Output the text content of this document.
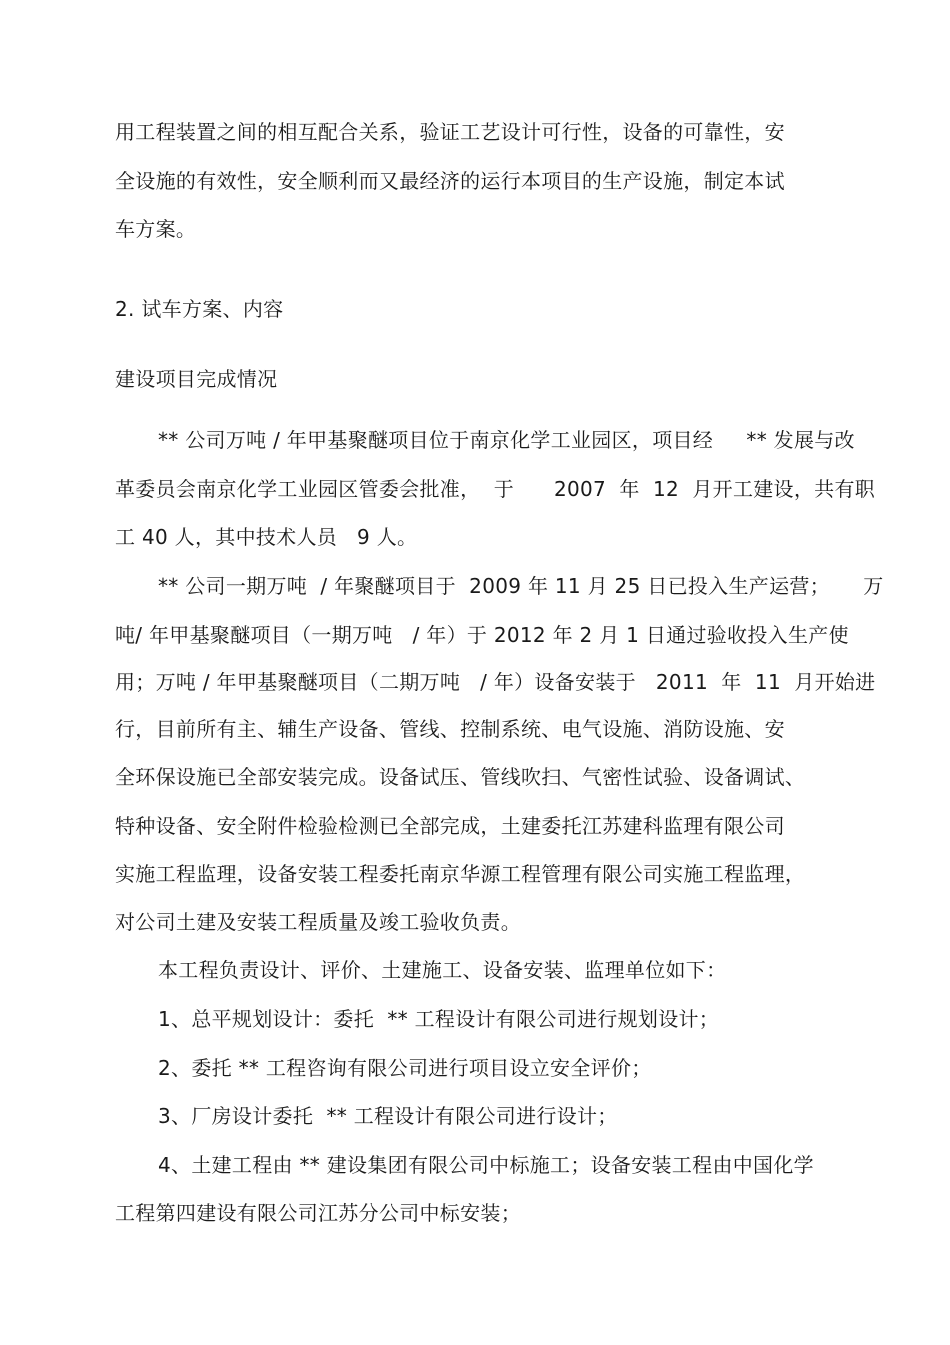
用工程装置之间的相互配合关系，验证工艺设计可行性，设备的可靠性，安
全设施的有效性，安全顺利而又最经济的运行本项目的生产设施，制定本试
车方案。
2. 试车方案、内容
建设项目完成情况
** 公司万吨 / 年甲基聚醚项目位于南京化学工业园区，项目经     ** 发展与改
革委员会南京化学工业园区管委会批准，  于      2007  年  12  月开工建设，共有职
工 40 人，其中技术人员   9 人。
** 公司一期万吨  / 年聚醚项目于  2009 年 11 月 25 日已投入生产运营；     万
吨/ 年甲基聚醚项目（一期万吨   / 年）于 2012 年 2 月 1 日通过验收投入生产使
用；万吨 / 年甲基聚醚项目（二期万吨   / 年）设备安装于   2011  年  11  月开始进
行，目前所有主、辅生产设备、管线、控制系统、电气设施、消防设施、安
全环保设施已全部安装完成。设备试压、管线吹扫、气密性试验、设备调试、
特种设备、安全附件检验检测已全部完成，土建委托江苏建科监理有限公司
实施工程监理，设备安装工程委托南京华源工程管理有限公司实施工程监理，
对公司土建及安装工程质量及竣工验收负责。
本工程负责设计、评价、土建施工、设备安装、监理单位如下：
1、总平规划设计：委托  ** 工程设计有限公司进行规划设计；
2、委托 ** 工程咨询有限公司进行项目设立安全评价；
3、厂房设计委托  ** 工程设计有限公司进行设计；
4、土建工程由 ** 建设集团有限公司中标施工；设备安装工程由中国化学
工程第四建设有限公司江苏分公司中标安装；
